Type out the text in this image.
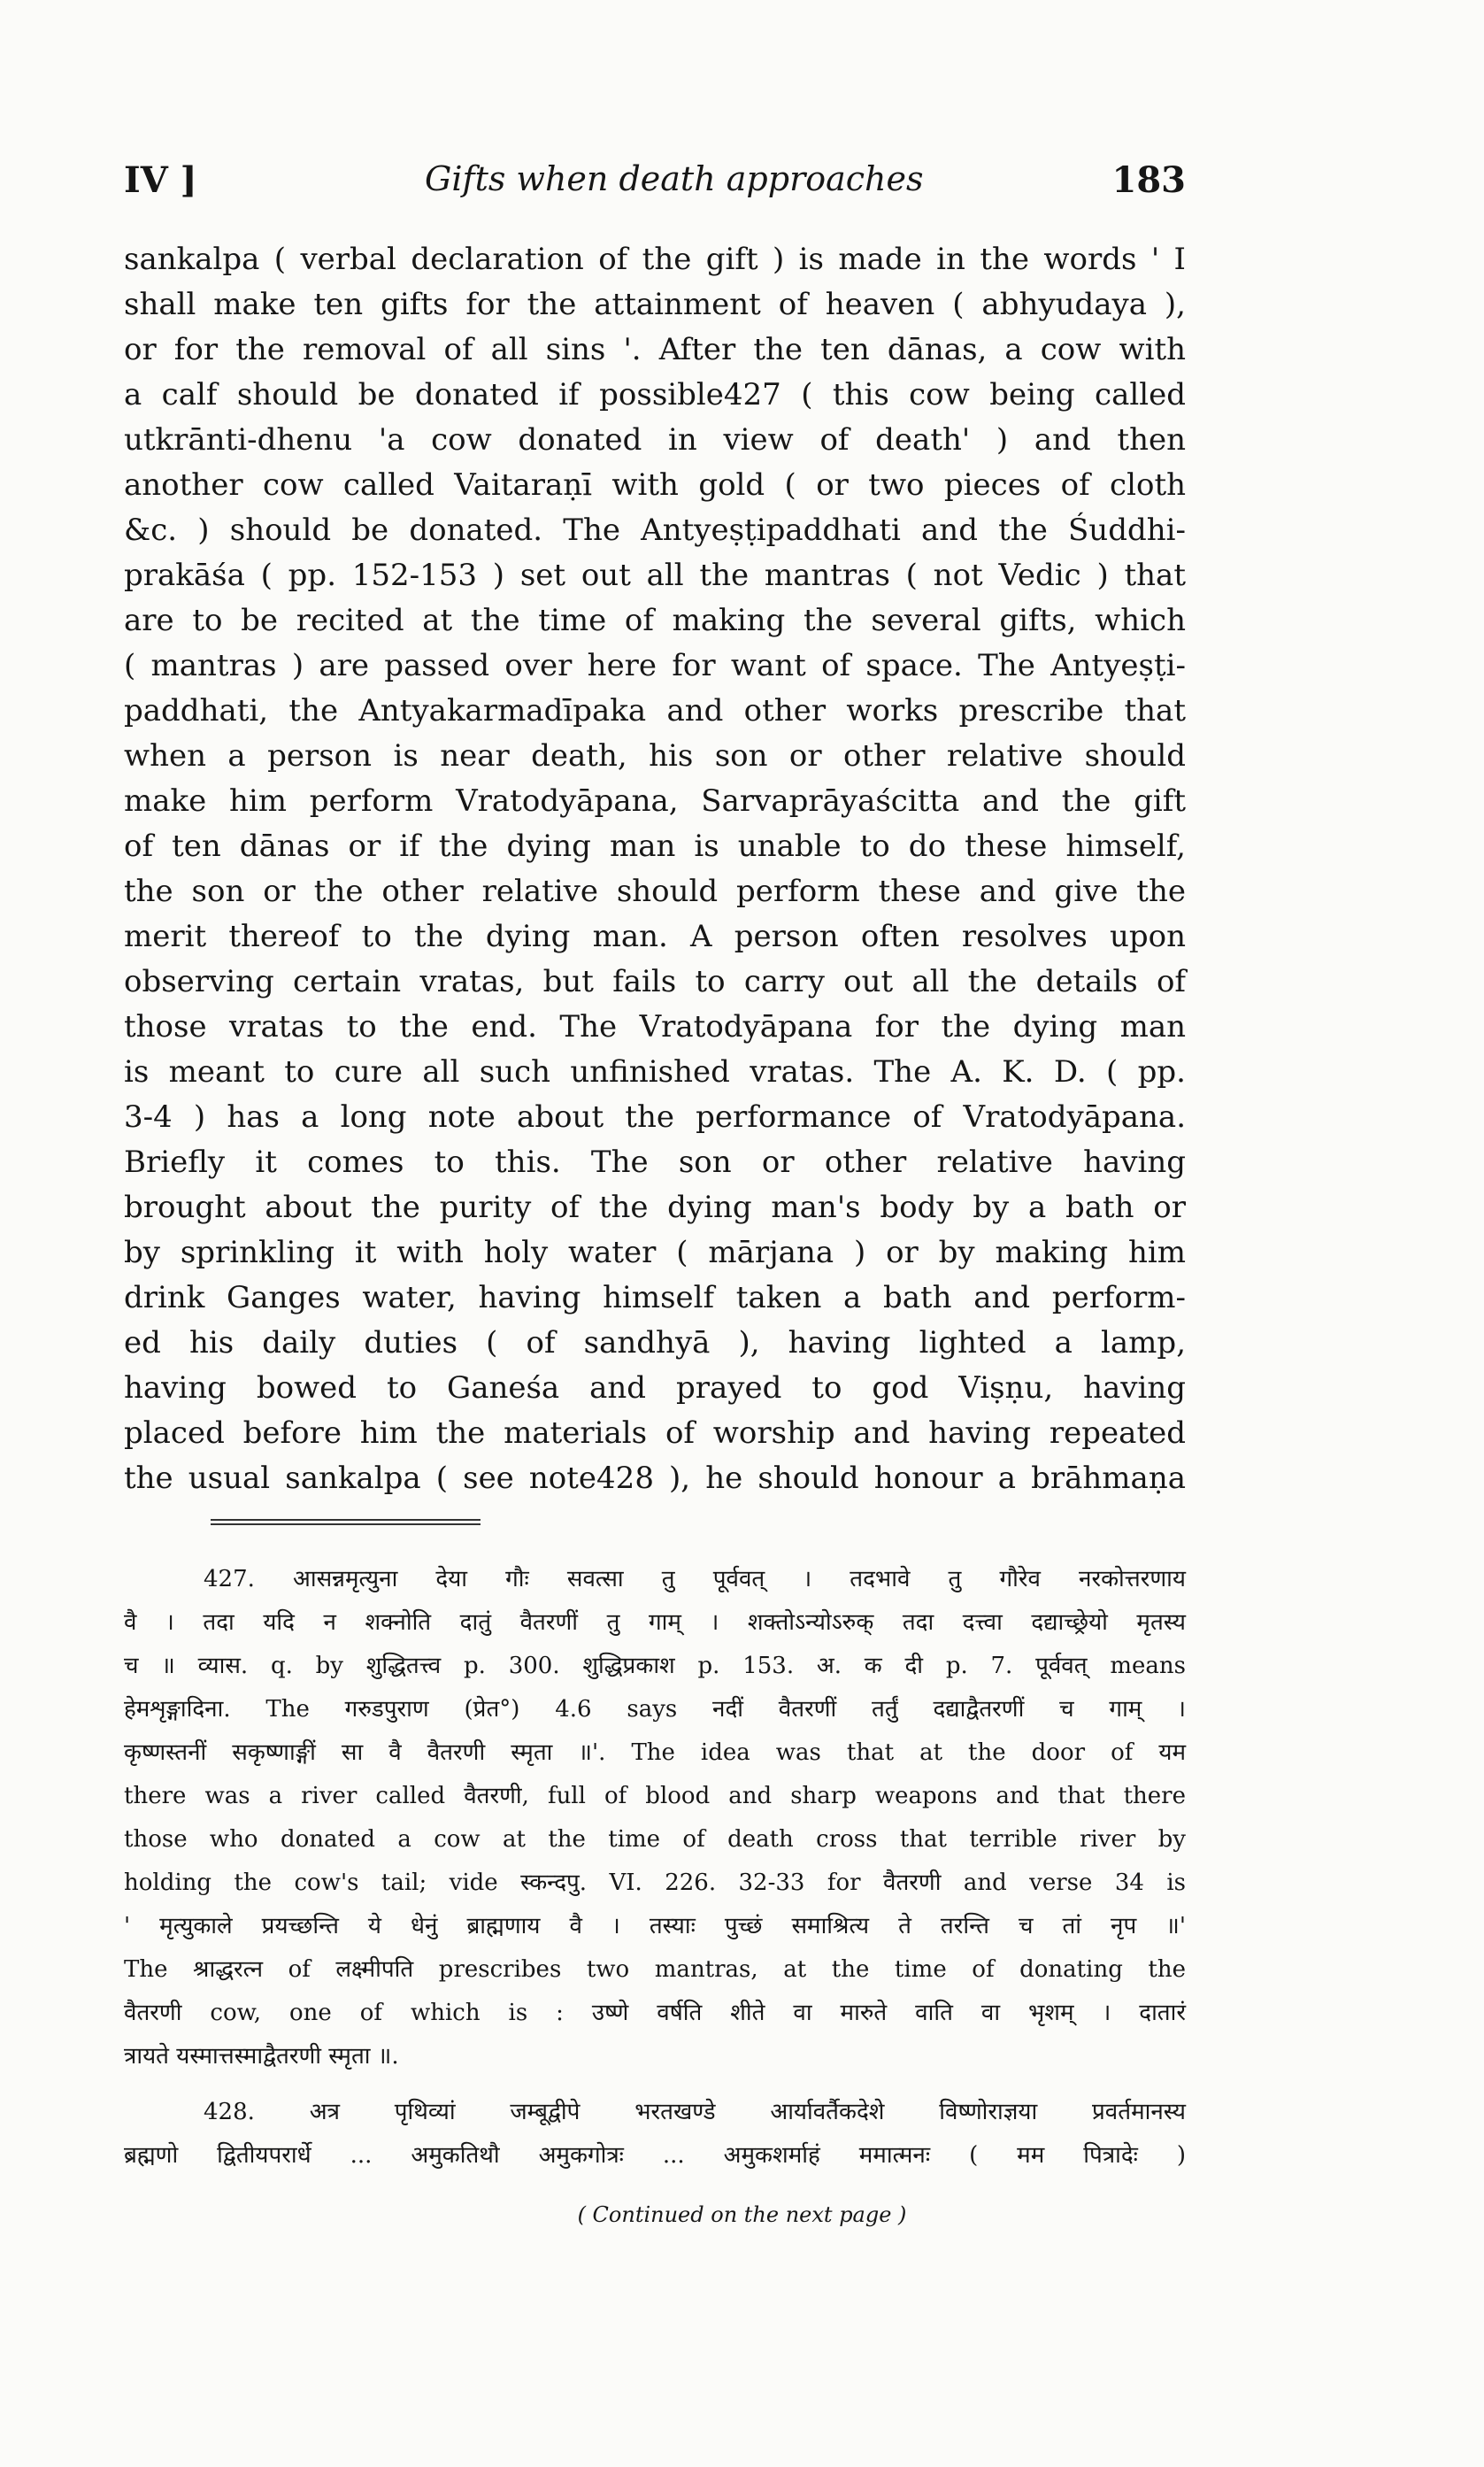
IV ]	Gifts when death approaches	183
sankalpa ( verbal declaration of the gift ) is made in the words ' I
shall make ten gifts for the attainment of heaven ( abhyudaya ),
or for the removal of all sins '. After the ten dānas, a cow with
a calf should be donated if possible427 ( this cow being called
utkrānti-dhenu 'a cow donated in view of death' ) and then
another cow called Vaitaraṇī with gold ( or two pieces of cloth
&c. ) should be donated. The Antyeṣṭipaddhati and the Śuddhi-
prakāśa ( pp. 152-153 ) set out all the mantras ( not Vedic ) that
are to be recited at the time of making the several gifts, which
( mantras ) are passed over here for want of space. The Antyeṣṭi-
paddhati, the Antyakarmadīpaka and other works prescribe that
when a person is near death, his son or other relative should
make him perform Vratodyāpana, Sarvaprāyaścitta and the gift
of ten dānas or if the dying man is unable to do these himself,
the son or the other relative should perform these and give the
merit thereof to the dying man. A person often resolves upon
observing certain vratas, but fails to carry out all the details of
those vratas to the end. The Vratodyāpana for the dying man
is meant to cure all such unfinished vratas. The A. K. D. ( pp.
3-4 ) has a long note about the performance of Vratodyāpana.
Briefly it comes to this. The son or other relative having
brought about the purity of the dying man's body by a bath or
by sprinkling it with holy water ( mārjana ) or by making him
drink Ganges water, having himself taken a bath and perform-
ed his daily duties ( of sandhyā ), having lighted a lamp,
having bowed to Ganeśa and prayed to god Viṣṇu, having
placed before him the materials of worship and having repeated
the usual sankalpa ( see note428 ), he should honour a brāhmaṇa
427. आसन्नमृत्युना देया गौः सवत्सा तु पूर्ववत् । तदभावे तु गौरेव नरकोत्तरणाय
वै । तदा यदि न शक्नोति दातुं वैतरणीं तु गाम् । शक्तोऽन्योऽरुक् तदा दत्त्वा दद्याच्छ्रेयो मृतस्य
च ॥ व्यास. q. by शुद्धितत्त्व p. 300. शुद्धिप्रकाश p. 153. अ. क दी p. 7. पूर्ववत् means
हेमशृङ्गादिना. The गरुडपुराण (प्रेत°) 4.6 says नदीं वैतरणीं तर्तुं दद्याद्वैतरणीं च गाम् ।
कृष्णस्तनीं सकृष्णाङ्गीं सा वै वैतरणी स्मृता ॥'. The idea was that at the door of यम
there was a river called वैतरणी, full of blood and sharp weapons and that there
those who donated a cow at the time of death cross that terrible river by
holding the cow's tail; vide स्कन्दपु. VI. 226. 32-33 for वैतरणी and verse 34 is
' मृत्युकाले प्रयच्छन्ति ये धेनुं ब्राह्मणाय वै । तस्याः पुच्छं समाश्रित्य ते तरन्ति च तां नृप ॥'
The श्राद्धरत्न of लक्ष्मीपति prescribes two mantras, at the time of donating the
वैतरणी cow, one of which is : उष्णे वर्षति शीते वा मारुते वाति वा भृशम् । दातारं
त्रायते यस्मात्तस्माद्वैतरणी स्मृता ॥.
428. अत्र पृथिव्यां जम्बूद्वीपे भरतखण्डे आर्यावर्तैकदेशे विष्णोराज्ञया प्रवर्तमानस्य
ब्रह्मणो द्वितीयपरार्धे ... अमुकतिथौ अमुकगोत्रः ... अमुकशर्माहं ममात्मनः ( मम पित्रादेः )
( Continued on the next page )
